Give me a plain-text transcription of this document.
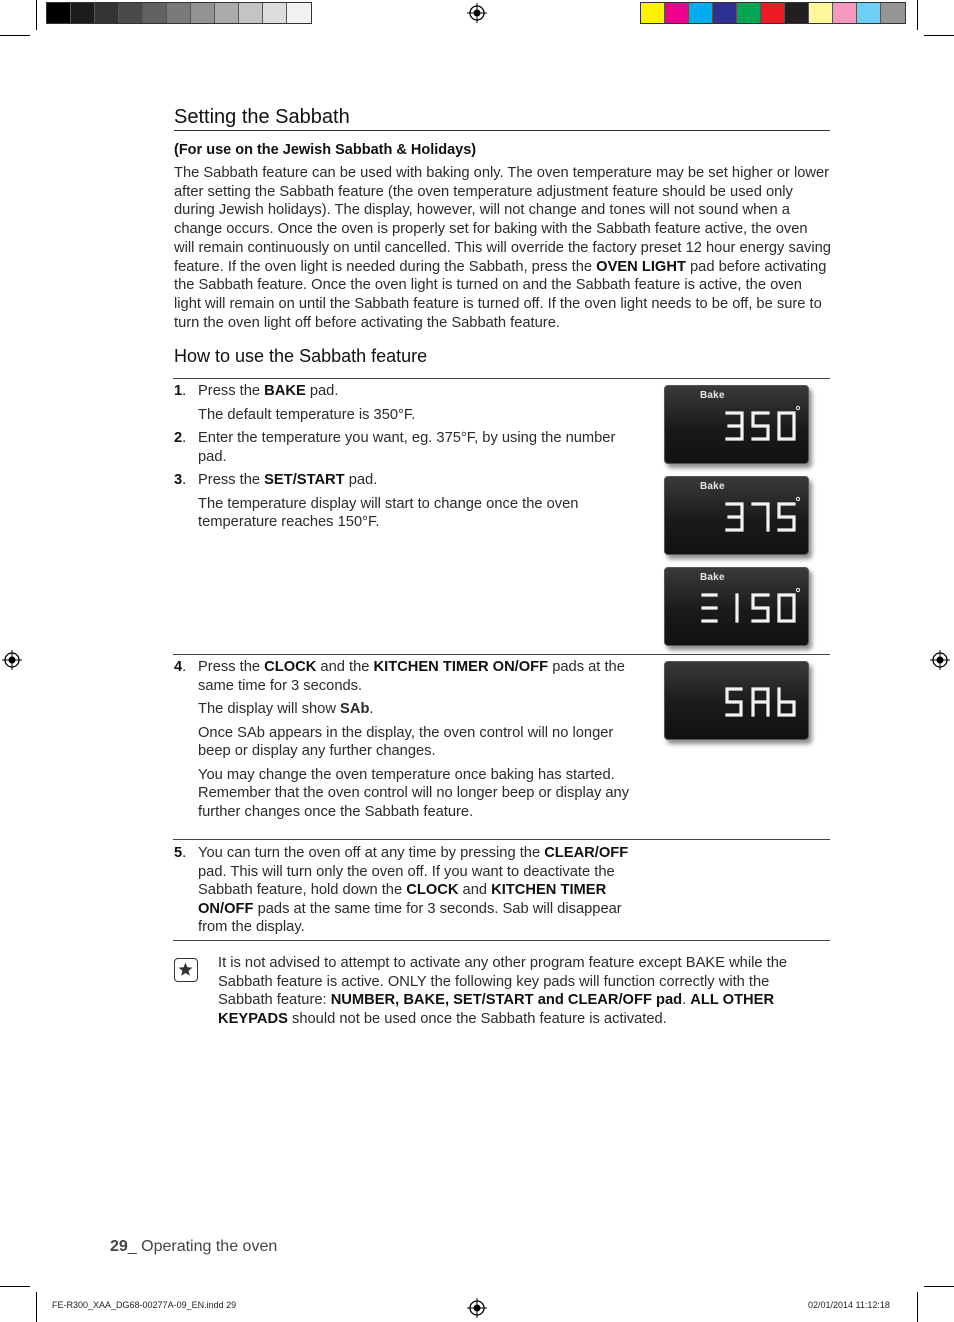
Setting the Sabbath
(For use on the Jewish Sabbath & Holidays)
The Sabbath feature can be used with baking only. The oven temperature may be set higher or lower after setting the Sabbath feature (the oven temperature adjustment feature should be used only during Jewish holidays). The display, however, will not change and tones will not sound when a change occurs. Once the oven is properly set for baking with the Sabbath feature active, the oven will remain continuously on until cancelled. This will override the factory preset 12 hour energy saving feature. If the oven light is needed during the Sabbath, press the OVEN LIGHT pad before activating the Sabbath feature. Once the oven light is turned on and the Sabbath feature is active, the oven light will remain on until the Sabbath feature is turned off. If the oven light needs to be off, be sure to turn the oven light off before activating the Sabbath feature.
How to use the Sabbath feature
1. Press the BAKE pad.
The default temperature is 350°F.
2. Enter the temperature you want, eg. 375°F, by using the number pad.
3. Press the SET/START pad.
The temperature display will start to change once the oven temperature reaches 150°F.
4. Press the CLOCK and the KITCHEN TIMER ON/OFF pads at the same time for 3 seconds.
The display will show SAb.
Once SAb appears in the display, the oven control will no longer beep or display any further changes.
You may change the oven temperature once baking has started. Remember that the oven control will no longer beep or display any further changes once the Sabbath feature.
5. You can turn the oven off at any time by pressing the CLEAR/OFF pad. This will turn only the oven off. If you want to deactivate the Sabbath feature, hold down the CLOCK and KITCHEN TIMER ON/OFF pads at the same time for 3 seconds. Sab will disappear from the display.
Bake
Bake
Bake
It is not advised to attempt to activate any other program feature except BAKE while the Sabbath feature is active. ONLY the following key pads will function correctly with the Sabbath feature: NUMBER, BAKE, SET/START and CLEAR/OFF pad. ALL OTHER KEYPADS should not be used once the Sabbath feature is activated.
29_ Operating the oven
FE-R300_XAA_DG68-00277A-09_EN.indd 29	02/01/2014 11:12:18
